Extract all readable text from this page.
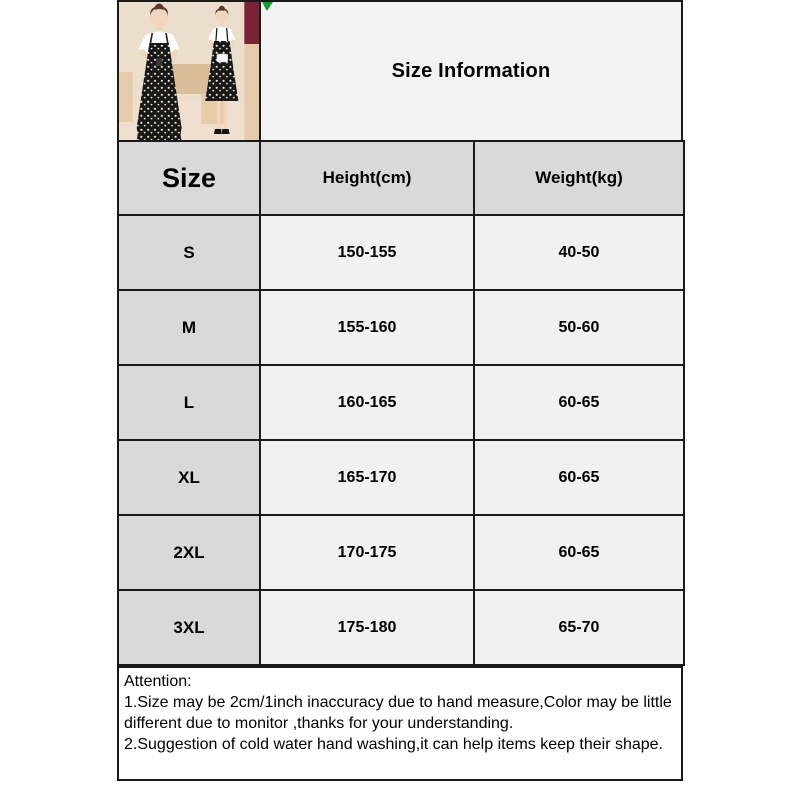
Size Information
Size	Height(cm)	Weight(kg)
S	150-155	40-50
M	155-160	50-60
L	160-165	60-65
XL	165-170	60-65
2XL	170-175	60-65
3XL	175-180	65-70

Attention:

1.Size may be 2cm/1inch inaccuracy due to hand measure,Color may be little different due to monitor ,thanks for your understanding.

2.Suggestion of cold water hand washing,it can help items keep their shape.
